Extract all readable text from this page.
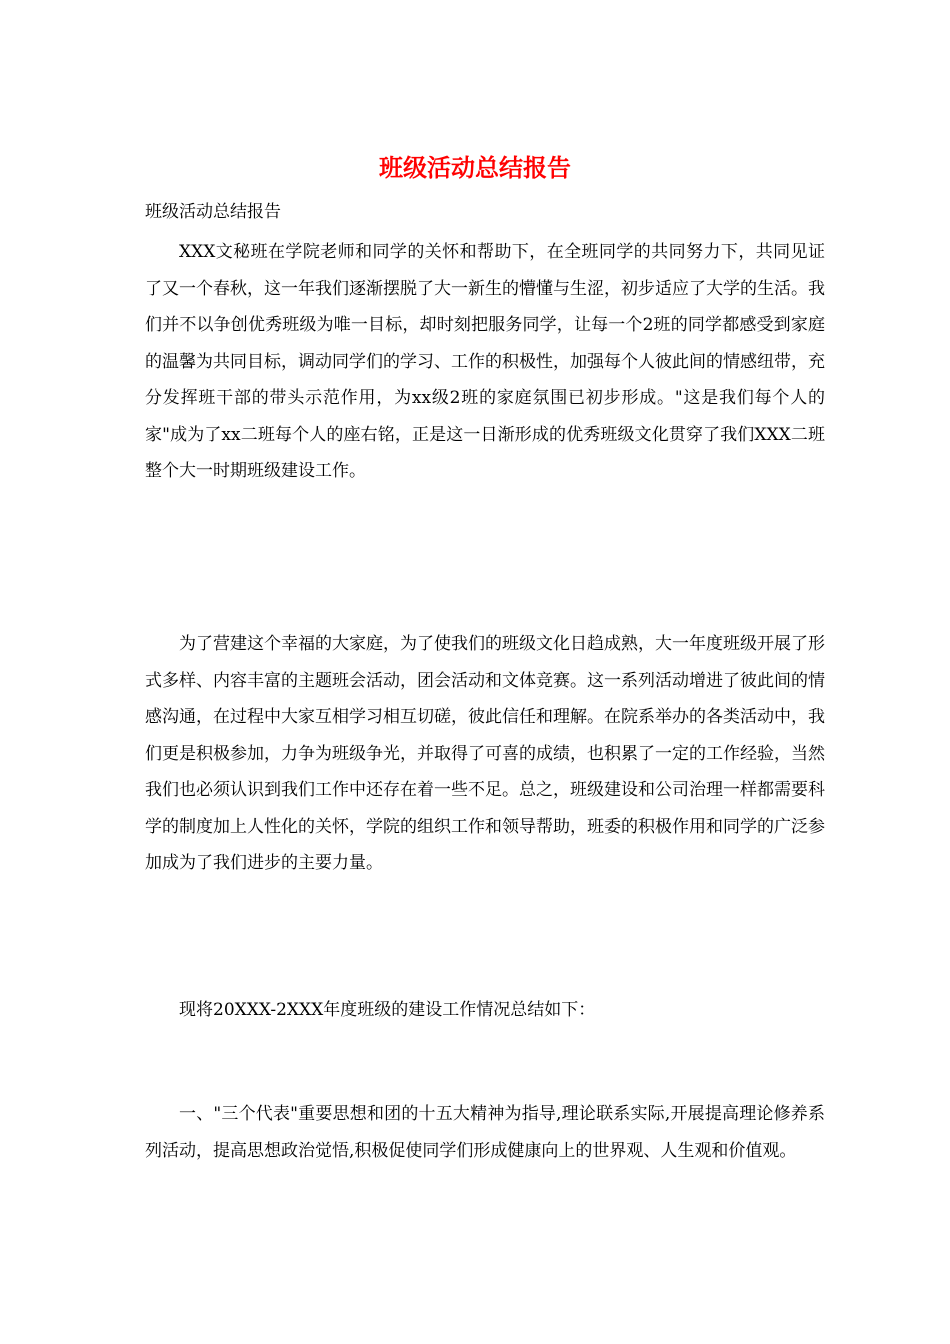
班级活动总结报告
班级活动总结报告

XXX文秘班在学院老师和同学的关怀和帮助下，在全班同学的共同努力下，共同见证了又一个春秋，这一年我们逐渐摆脱了大一新生的懵懂与生涩，初步适应了大学的生活。我们并不以争创优秀班级为唯一目标，却时刻把服务同学，让每一个2班的同学都感受到家庭的温馨为共同目标，调动同学们的学习、工作的积极性，加强每个人彼此间的情感纽带，充分发挥班干部的带头示范作用，为xx级2班的家庭氛围已初步形成。"这是我们每个人的家"成为了xx二班每个人的座右铭，正是这一日渐形成的优秀班级文化贯穿了我们XXX二班整个大一时期班级建设工作。

为了营建这个幸福的大家庭，为了使我们的班级文化日趋成熟，大一年度班级开展了形式多样、内容丰富的主题班会活动，团会活动和文体竞赛。这一系列活动增进了彼此间的情感沟通，在过程中大家互相学习相互切磋，彼此信任和理解。在院系举办的各类活动中，我们更是积极参加，力争为班级争光，并取得了可喜的成绩，也积累了一定的工作经验，当然我们也必须认识到我们工作中还存在着一些不足。总之，班级建设和公司治理一样都需要科学的制度加上人性化的关怀，学院的组织工作和领导帮助，班委的积极作用和同学的广泛参加成为了我们进步的主要力量。

现将20XXX-2XXX年度班级的建设工作情况总结如下：

一、"三个代表"重要思想和团的十五大精神为指导,理论联系实际,开展提高理论修养系列活动，提高思想政治觉悟,积极促使同学们形成健康向上的世界观、人生观和价值观。
